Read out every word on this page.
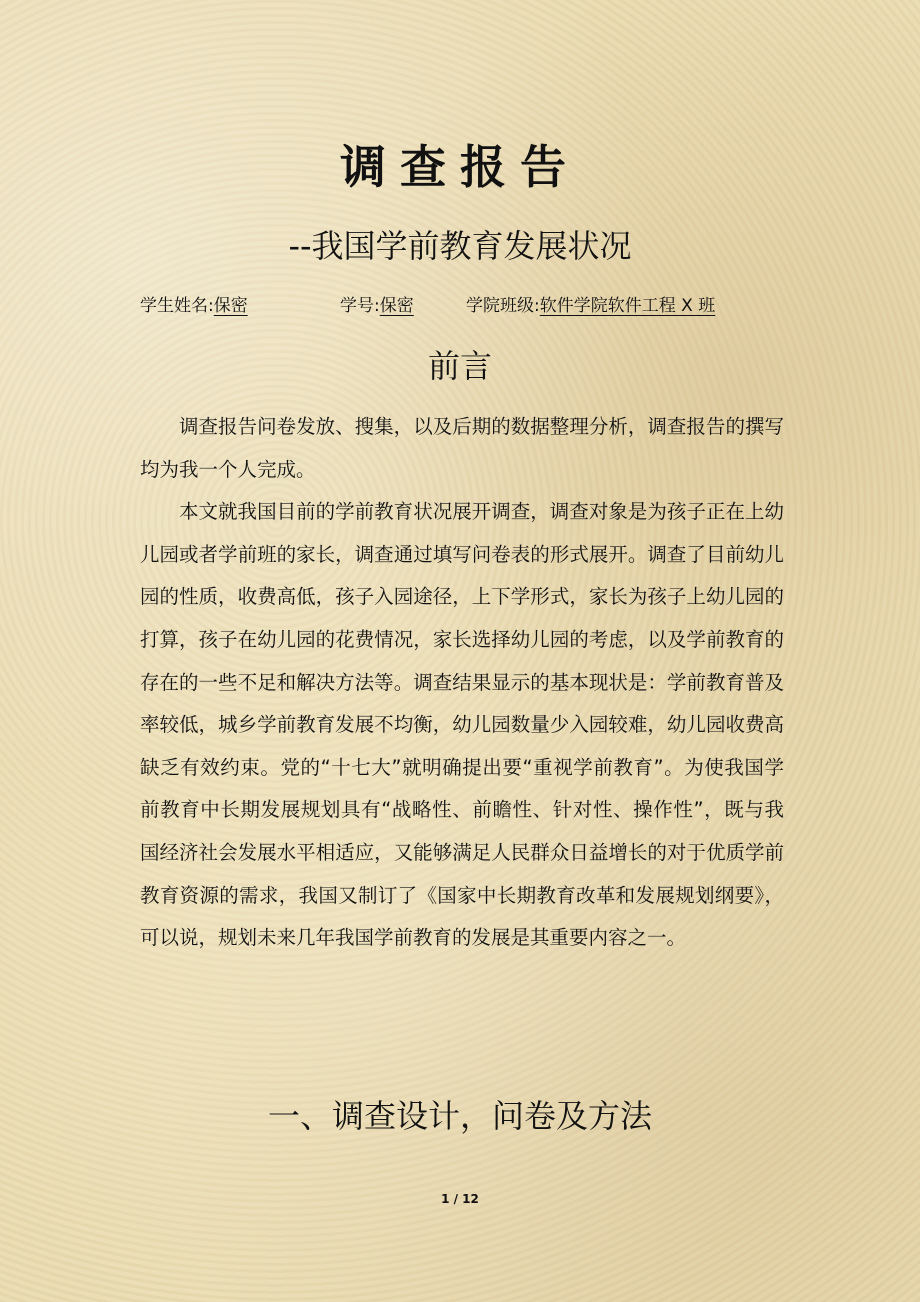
调查报告
--我国学前教育发展状况
学生姓名:保密	学号:保密	学院班级:软件学院软件工程 X 班
前言

调查报告问卷发放、搜集，以及后期的数据整理分析，调查报告的撰写均为我一个人完成。

本文就我国目前的学前教育状况展开调查，调查对象是为孩子正在上幼儿园或者学前班的家长，调查通过填写问卷表的形式展开。调查了目前幼儿园的性质，收费高低，孩子入园途径，上下学形式，家长为孩子上幼儿园的打算，孩子在幼儿园的花费情况，家长选择幼儿园的考虑，以及学前教育的存在的一些不足和解决方法等。调查结果显示的基本现状是：学前教育普及率较低，城乡学前教育发展不均衡，幼儿园数量少入园较难，幼儿园收费高缺乏有效约束。党的“十七大”就明确提出要“重视学前教育”。为使我国学前教育中长期发展规划具有“战略性、前瞻性、针对性、操作性”，既与我国经济社会发展水平相适应，又能够满足人民群众日益增长的对于优质学前教育资源的需求，我国又制订了《国家中长期教育改革和发展规划纲要》，可以说，规划未来几年我国学前教育的发展是其重要内容之一。

一、调查设计，问卷及方法
1 / 12
